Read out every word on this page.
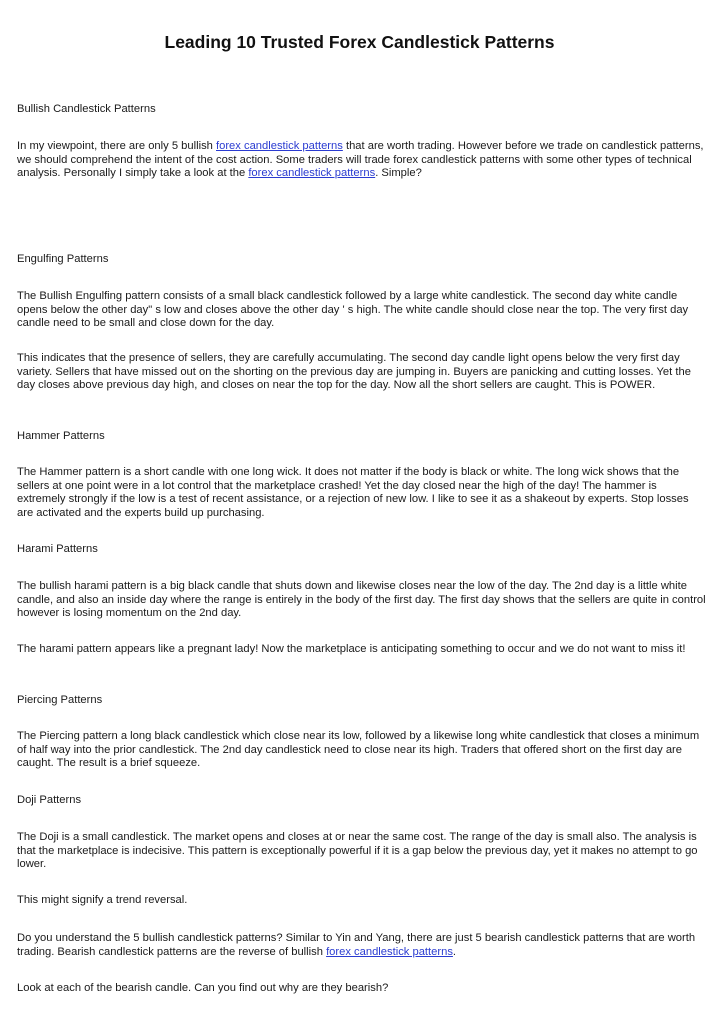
Leading 10 Trusted Forex Candlestick Patterns

Bullish Candlestick Patterns

In my viewpoint, there are only 5 bullish forex candlestick patterns that are worth trading. However before we trade on candlestick patterns, we should comprehend the intent of the cost action. Some traders will trade forex candlestick patterns with some other types of technical analysis. Personally I simply take a look at the forex candlestick patterns. Simple?

Engulfing Patterns

The Bullish Engulfing pattern consists of a small black candlestick followed by a large white candlestick. The second day white candle opens below the other day" s low and closes above the other day ' s high. The white candle should close near the top. The very first day candle need to be small and close down for the day.

This indicates that the presence of sellers, they are carefully accumulating. The second day candle light opens below the very first day variety. Sellers that have missed out on the shorting on the previous day are jumping in. Buyers are panicking and cutting losses. Yet the day closes above previous day high, and closes on near the top for the day. Now all the short sellers are caught. This is POWER.

Hammer Patterns

The Hammer pattern is a short candle with one long wick. It does not matter if the body is black or white. The long wick shows that the sellers at one point were in a lot control that the marketplace crashed! Yet the day closed near the high of the day! The hammer is extremely strongly if the low is a test of recent assistance, or a rejection of new low. I like to see it as a shakeout by experts. Stop losses are activated and the experts build up purchasing.

Harami Patterns

The bullish harami pattern is a big black candle that shuts down and likewise closes near the low of the day. The 2nd day is a little white candle, and also an inside day where the range is entirely in the body of the first day. The first day shows that the sellers are quite in control however is losing momentum on the 2nd day.

The harami pattern appears like a pregnant lady! Now the marketplace is anticipating something to occur and we do not want to miss it!

Piercing Patterns

The Piercing pattern a long black candlestick which close near its low, followed by a likewise long white candlestick that closes a minimum of half way into the prior candlestick. The 2nd day candlestick need to close near its high. Traders that offered short on the first day are caught. The result is a brief squeeze.

Doji Patterns

The Doji is a small candlestick. The market opens and closes at or near the same cost. The range of the day is small also. The analysis is that the marketplace is indecisive. This pattern is exceptionally powerful if it is a gap below the previous day, yet it makes no attempt to go lower.

This might signify a trend reversal.

Do you understand the 5 bullish candlestick patterns? Similar to Yin and Yang, there are just 5 bearish candlestick patterns that are worth trading. Bearish candlestick patterns are the reverse of bullish forex candlestick patterns.

Look at each of the bearish candle. Can you find out why are they bearish?
